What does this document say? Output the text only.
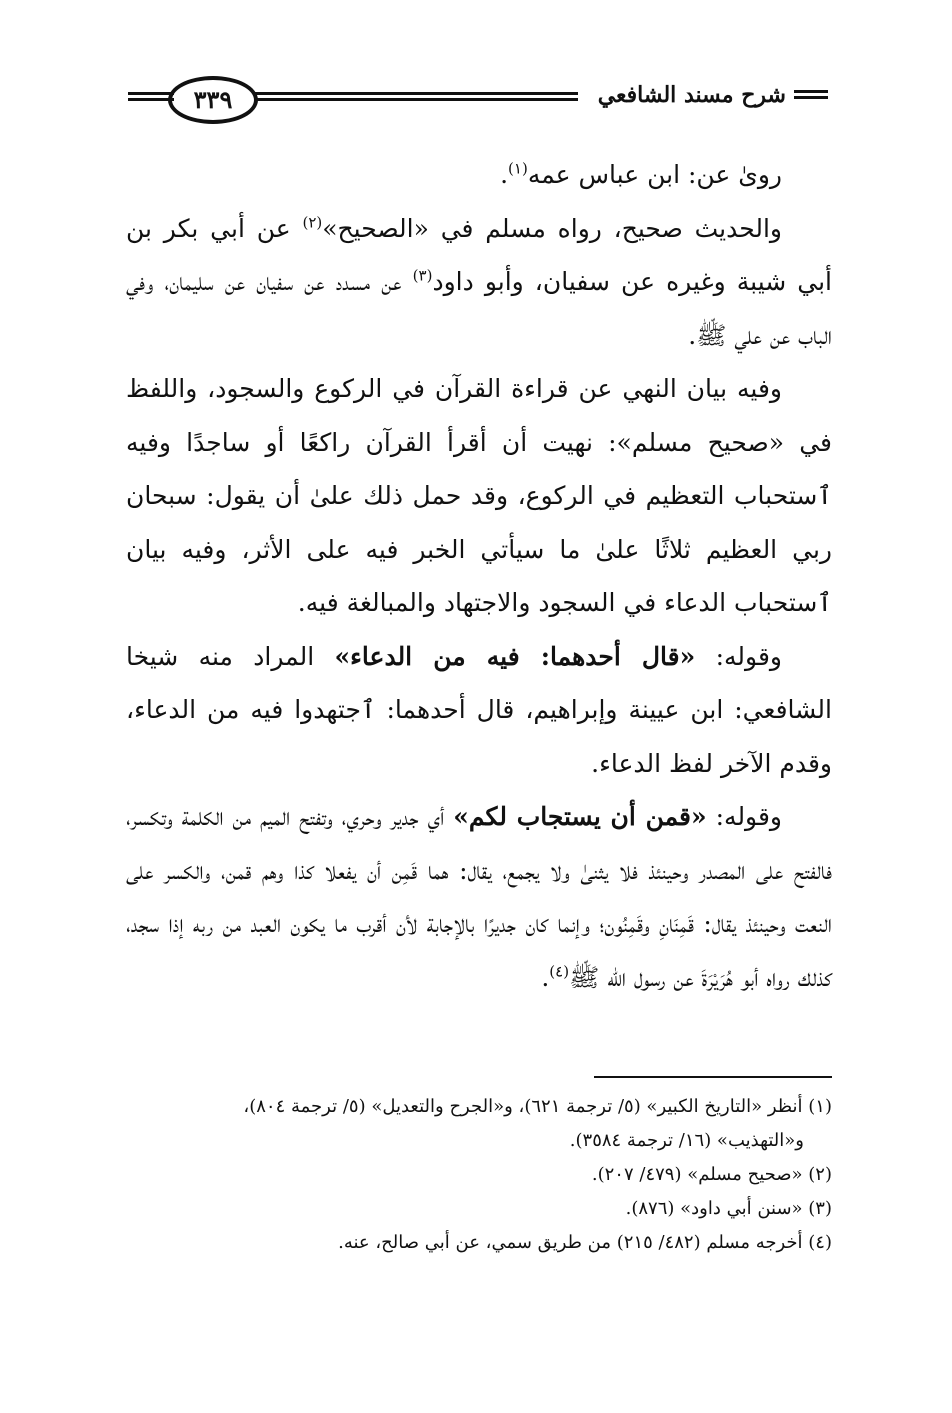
شرح مسند الشافعي
٣٣٩

روىٰ عن: ابن عباس عمه$^{(١)}$.

والحديث صحيح، رواه مسلم في «الصحيح»$^{(٢)}$ عن أبي بكر بن أبي شيبة وغيره عن سفيان، وأبو داود$^{(٣)}$ عن مسدد عن سفيان عن سليمان، وفي الباب عن علي ﷺ.

وفيه بيان النهي عن قراءة القرآن في الركوع والسجود، واللفظ في «صحيح مسلم»: نهيت أن أقرأ القرآن راكعًا أو ساجدًا وفيه ٱستحباب التعظيم في الركوع، وقد حمل ذلك علىٰ أن يقول: سبحان ربي العظيم ثلاثًا علىٰ ما سيأتي الخبر فيه على الأثر، وفيه بيان ٱستحباب الدعاء في السجود والاجتهاد والمبالغة فيه.

وقوله: «قال أحدهما: فيه من الدعاء» المراد منه شيخا الشافعي: ابن عيينة وإبراهيم، قال أحدهما: ٱجتهدوا فيه من الدعاء، وقدم الآخر لفظ الدعاء.

وقوله: «قمن أن يستجاب لكم» أي جدير وحري، وتفتح الميم من الكلمة وتكسر، فالفتح على المصدر وحينئذ فلا يثنىٰ ولا يجمع، يقال: هما قَمِن أن يفعلا كذا وهم قمن، والكسر على النعت وحينئذ يقال: قَمِنَانِ وقَمِنُون؛ وإنما كان جديرًا بالإجابة لأن أقرب ما يكون العبد من ربه إذا سجد، كذلك رواه أبو هُرَيْرَةَ عن رسول الله ﷺ$^{(٤)}$.

(١) أنظر «التاريخ الكبير» (٥/ ترجمة ٦٢١)، و«الجرح والتعديل» (٥/ ترجمة ٨٠٤)،

و«التهذيب» (١٦/ ترجمة ٣٥٨٤).

(٢) «صحيح مسلم» (٤٧٩/ ٢٠٧).

(٣) «سنن أبي داود» (٨٧٦).

(٤) أخرجه مسلم (٤٨٢/ ٢١٥) من طريق سمي، عن أبي صالح، عنه.
